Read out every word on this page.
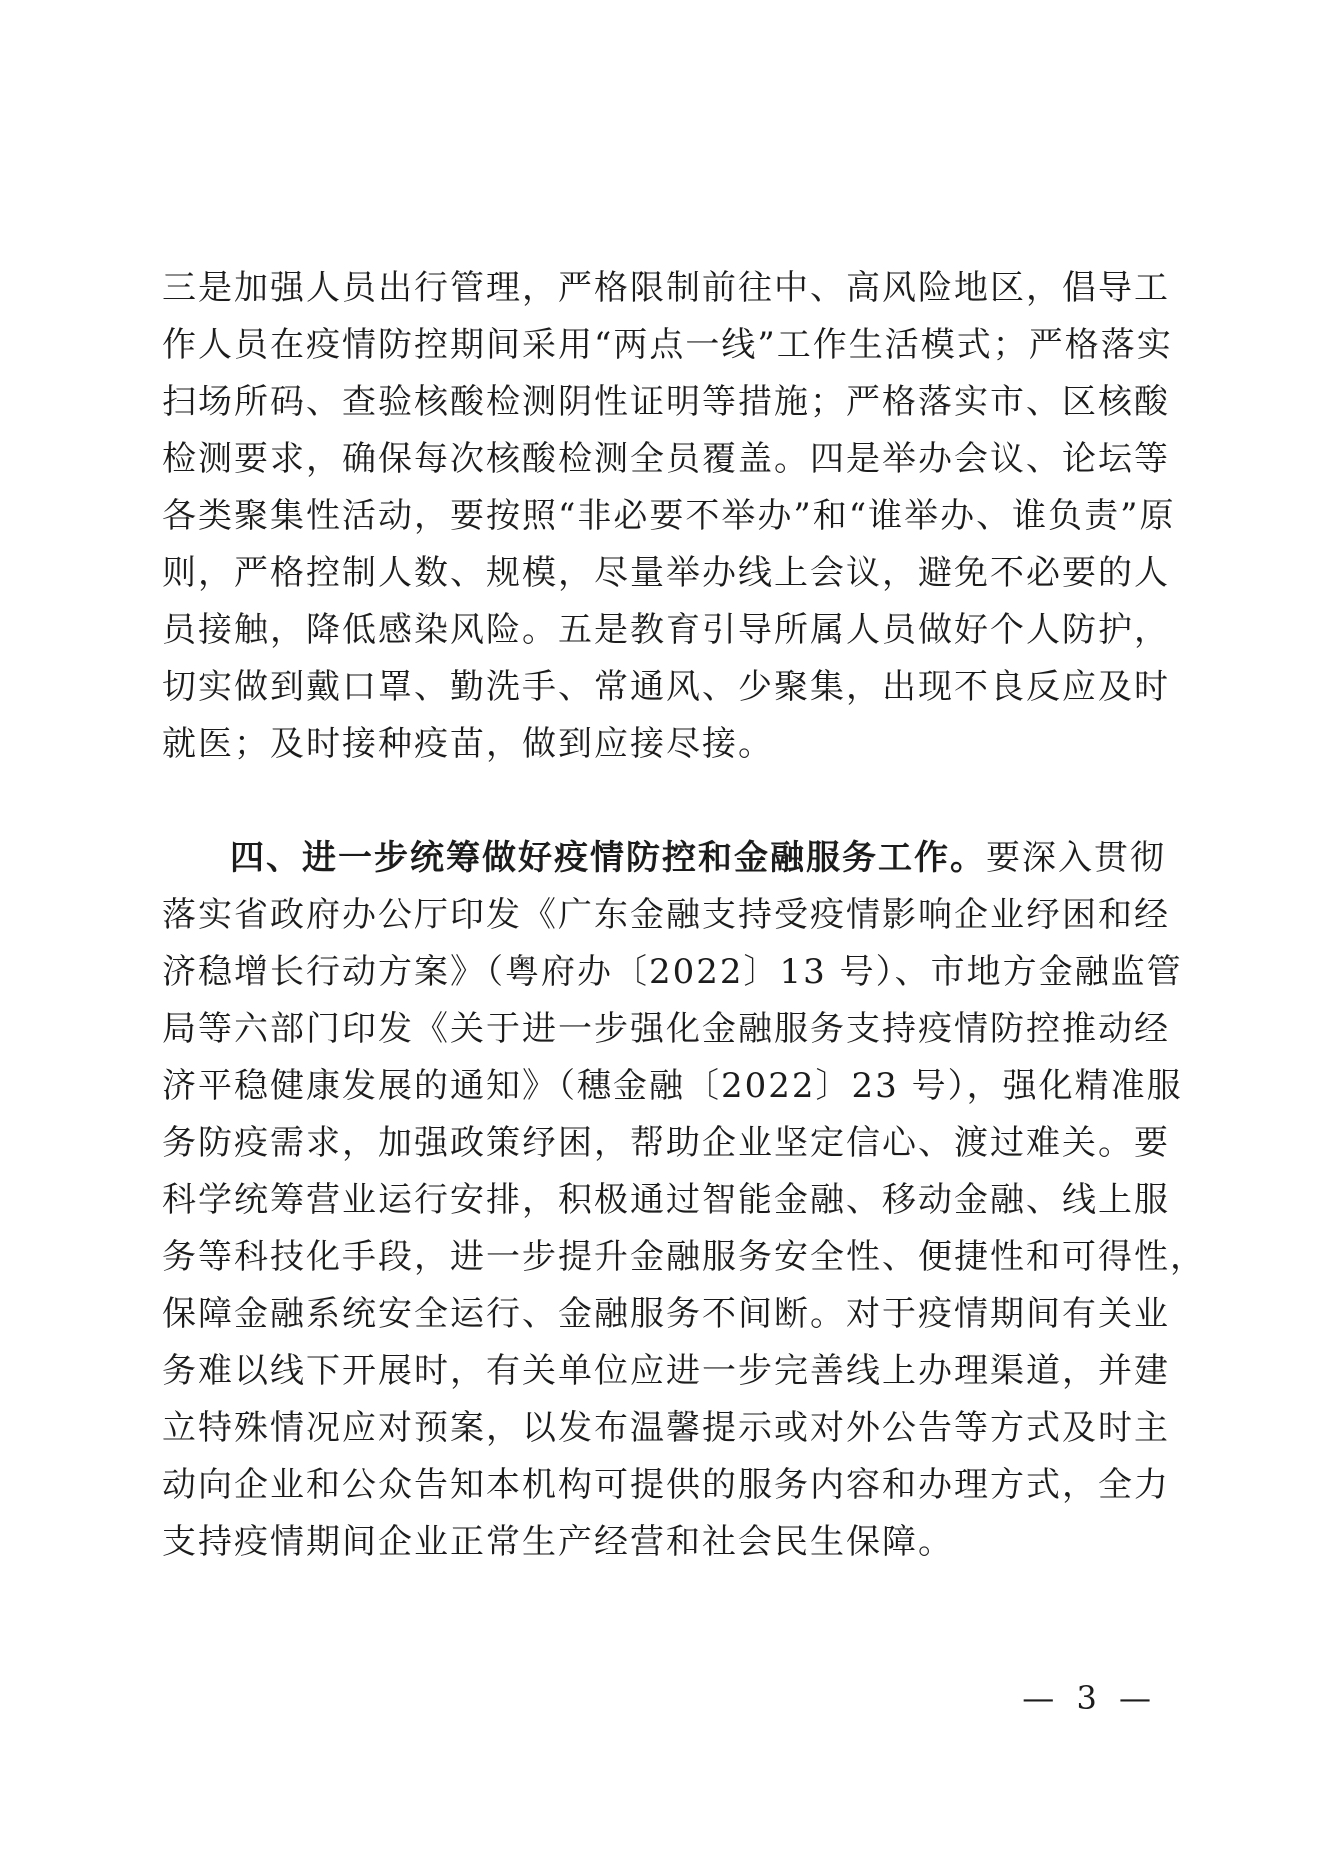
三是加强人员出行管理，严格限制前往中、高风险地区，倡导工
作人员在疫情防控期间采用“两点一线”工作生活模式；严格落实
扫场所码、查验核酸检测阴性证明等措施；严格落实市、区核酸
检测要求，确保每次核酸检测全员覆盖。四是举办会议、论坛等
各类聚集性活动，要按照“非必要不举办”和“谁举办、谁负责”原
则，严格控制人数、规模，尽量举办线上会议，避免不必要的人
员接触，降低感染风险。五是教育引导所属人员做好个人防护，
切实做到戴口罩、勤洗手、常通风、少聚集，出现不良反应及时
就医；及时接种疫苗，做到应接尽接。
四、进一步统筹做好疫情防控和金融服务工作。要深入贯彻
落实省政府办公厅印发《广东金融支持受疫情影响企业纾困和经
济稳增长行动方案》（粤府办〔2022〕13 号）、市地方金融监管
局等六部门印发《关于进一步强化金融服务支持疫情防控推动经
济平稳健康发展的通知》（穗金融〔2022〕23 号），强化精准服
务防疫需求，加强政策纾困，帮助企业坚定信心、渡过难关。要
科学统筹营业运行安排，积极通过智能金融、移动金融、线上服
务等科技化手段，进一步提升金融服务安全性、便捷性和可得性，
保障金融系统安全运行、金融服务不间断。对于疫情期间有关业
务难以线下开展时，有关单位应进一步完善线上办理渠道，并建
立特殊情况应对预案，以发布温馨提示或对外公告等方式及时主
动向企业和公众告知本机构可提供的服务内容和办理方式，全力
支持疫情期间企业正常生产经营和社会民生保障。
— 3 —
